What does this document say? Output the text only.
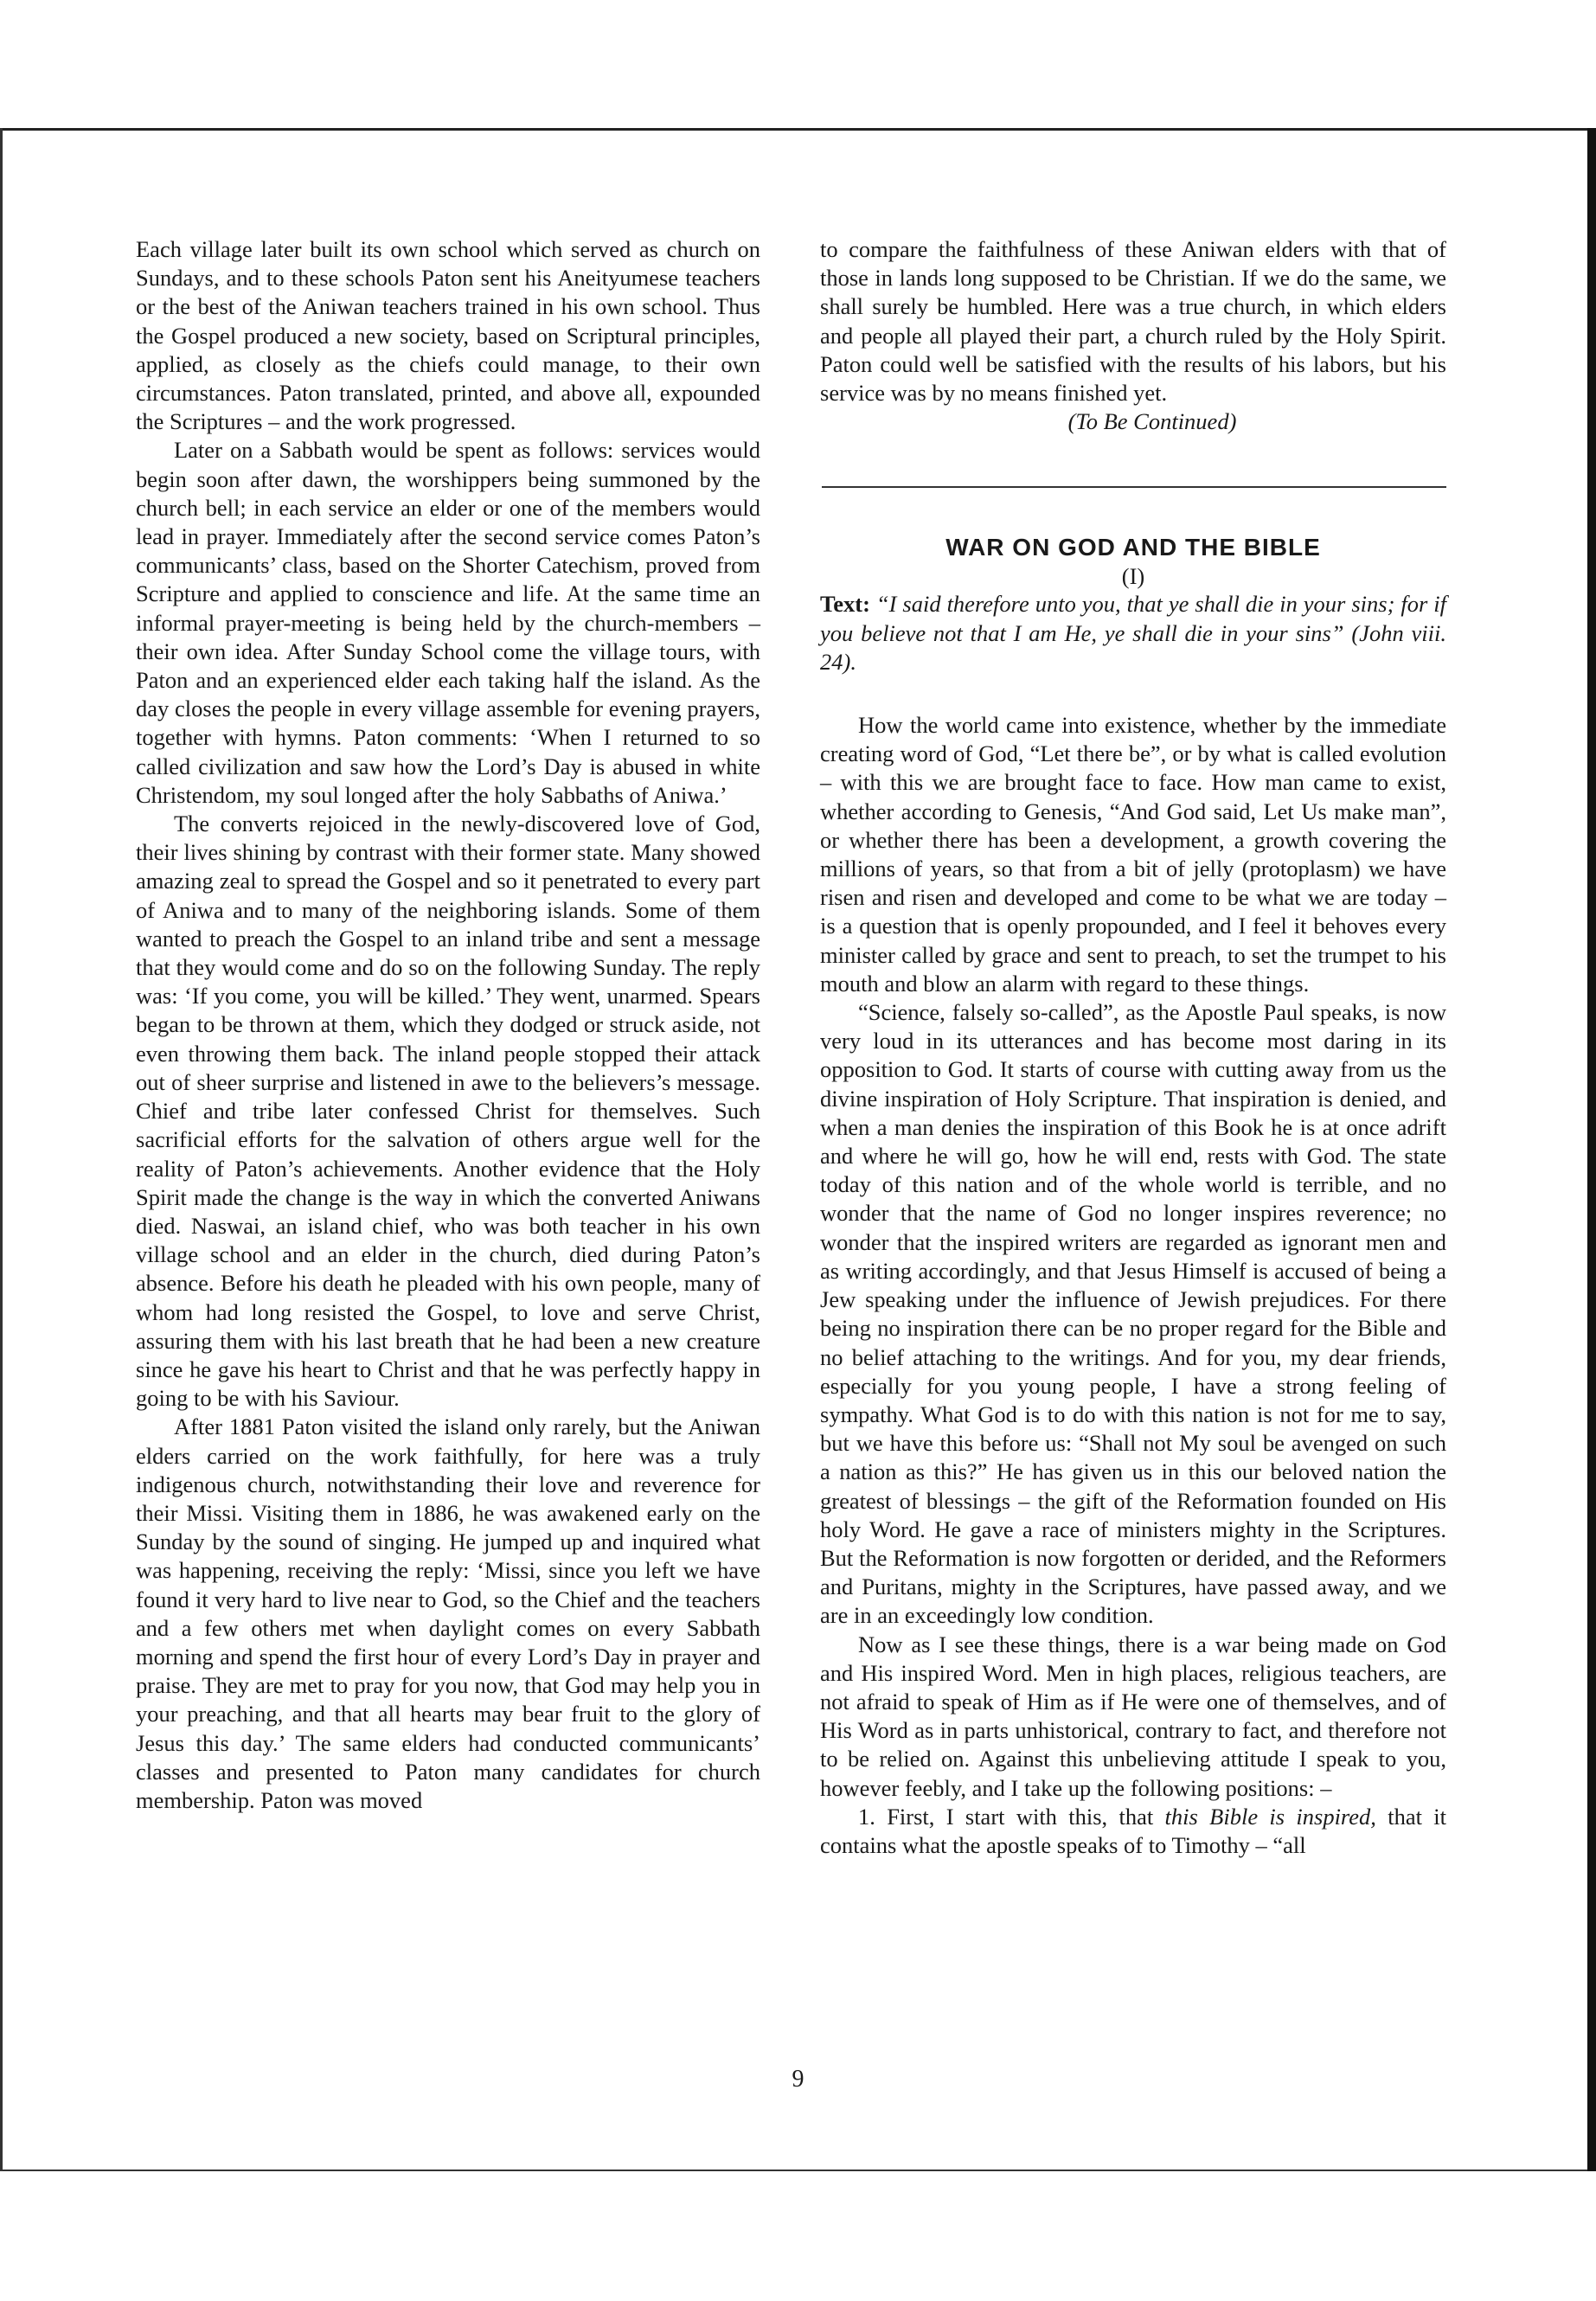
Each village later built its own school which served as church on Sundays, and to these schools Paton sent his Aneityumese teachers or the best of the Aniwan teachers trained in his own school. Thus the Gospel produced a new society, based on Scriptural principles, applied, as closely as the chiefs could manage, to their own circumstances. Paton translated, printed, and above all, expounded the Scriptures – and the work progressed.

Later on a Sabbath would be spent as follows: services would begin soon after dawn, the worshippers being summoned by the church bell; in each service an elder or one of the members would lead in prayer. Immediately after the second service comes Paton’s communicants’ class, based on the Shorter Catechism, proved from Scripture and applied to conscience and life. At the same time an informal prayer-meeting is being held by the church-members – their own idea. After Sunday School come the village tours, with Paton and an experienced elder each taking half the island. As the day closes the people in every village assemble for evening prayers, together with hymns. Paton comments: ‘When I returned to so called civilization and saw how the Lord’s Day is abused in white Christendom, my soul longed after the holy Sabbaths of Aniwa.’

The converts rejoiced in the newly-discovered love of God, their lives shining by contrast with their former state. Many showed amazing zeal to spread the Gospel and so it penetrated to every part of Aniwa and to many of the neighboring islands. Some of them wanted to preach the Gospel to an inland tribe and sent a message that they would come and do so on the following Sunday. The reply was: ‘If you come, you will be killed.’ They went, unarmed. Spears began to be thrown at them, which they dodged or struck aside, not even throwing them back. The inland people stopped their attack out of sheer surprise and listened in awe to the believers’s message. Chief and tribe later confessed Christ for themselves. Such sacrificial efforts for the salvation of others argue well for the reality of Paton’s achievements. Another evidence that the Holy Spirit made the change is the way in which the converted Aniwans died. Naswai, an island chief, who was both teacher in his own village school and an elder in the church, died during Paton’s absence. Before his death he pleaded with his own people, many of whom had long resisted the Gospel, to love and serve Christ, assuring them with his last breath that he had been a new creature since he gave his heart to Christ and that he was perfectly happy in going to be with his Saviour.

After 1881 Paton visited the island only rarely, but the Aniwan elders carried on the work faithfully, for here was a truly indigenous church, notwithstanding their love and reverence for their Missi. Visiting them in 1886, he was awakened early on the Sunday by the sound of singing. He jumped up and inquired what was happening, receiving the reply: ‘Missi, since you left we have found it very hard to live near to God, so the Chief and the teachers and a few others met when daylight comes on every Sabbath morning and spend the first hour of every Lord’s Day in prayer and praise. They are met to pray for you now, that God may help you in your preaching, and that all hearts may bear fruit to the glory of Jesus this day.’ The same elders had conducted communicants’ classes and presented to Paton many candidates for church membership. Paton was moved

to compare the faithfulness of these Aniwan elders with that of those in lands long supposed to be Christian. If we do the same, we shall surely be humbled. Here was a true church, in which elders and people all played their part, a church ruled by the Holy Spirit. Paton could well be satisfied with the results of his labors, but his service was by no means finished yet.

(To Be Continued)

WAR ON GOD AND THE BIBLE
(I)

Text: “I said therefore unto you, that ye shall die in your sins; for if you believe not that I am He, ye shall die in your sins” (John viii. 24).

How the world came into existence, whether by the immediate creating word of God, “Let there be”, or by what is called evolution – with this we are brought face to face. How man came to exist, whether according to Genesis, “And God said, Let Us make man”, or whether there has been a development, a growth covering the millions of years, so that from a bit of jelly (protoplasm) we have risen and risen and developed and come to be what we are today – is a question that is openly propounded, and I feel it behoves every minister called by grace and sent to preach, to set the trumpet to his mouth and blow an alarm with regard to these things.

“Science, falsely so-called”, as the Apostle Paul speaks, is now very loud in its utterances and has become most daring in its opposition to God. It starts of course with cutting away from us the divine inspiration of Holy Scripture. That inspiration is denied, and when a man denies the inspiration of this Book he is at once adrift and where he will go, how he will end, rests with God. The state today of this nation and of the whole world is terrible, and no wonder that the name of God no longer inspires reverence; no wonder that the inspired writers are regarded as ignorant men and as writing accordingly, and that Jesus Himself is accused of being a Jew speaking under the influence of Jewish prejudices. For there being no inspiration there can be no proper regard for the Bible and no belief attaching to the writings. And for you, my dear friends, especially for you young people, I have a strong feeling of sympathy. What God is to do with this nation is not for me to say, but we have this before us: “Shall not My soul be avenged on such a nation as this?” He has given us in this our beloved nation the greatest of blessings – the gift of the Reformation founded on His holy Word. He gave a race of ministers mighty in the Scriptures. But the Reformation is now forgotten or derided, and the Reformers and Puritans, mighty in the Scriptures, have passed away, and we are in an exceedingly low condition.

Now as I see these things, there is a war being made on God and His inspired Word. Men in high places, religious teachers, are not afraid to speak of Him as if He were one of themselves, and of His Word as in parts unhistorical, contrary to fact, and therefore not to be relied on. Against this unbelieving attitude I speak to you, however feebly, and I take up the following positions: –

1. First, I start with this, that this Bible is inspired, that it contains what the apostle speaks of to Timothy – “all

9
